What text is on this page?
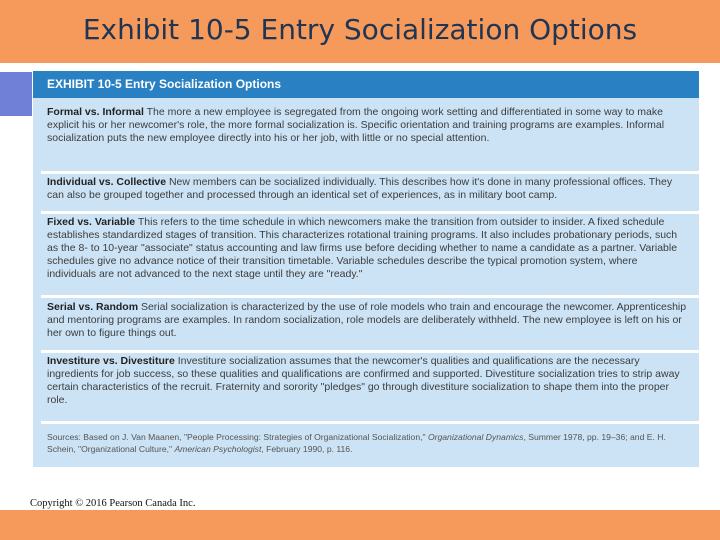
Exhibit 10-5 Entry Socialization Options
EXHIBIT 10-5 Entry Socialization Options
Formal vs. Informal The more a new employee is segregated from the ongoing work setting and differentiated in some way to make explicit his or her newcomer's role, the more formal socialization is. Specific orientation and training programs are examples. Informal socialization puts the new employee directly into his or her job, with little or no special attention.
Individual vs. Collective New members can be socialized individually. This describes how it's done in many professional offices. They can also be grouped together and processed through an identical set of experiences, as in military boot camp.
Fixed vs. Variable This refers to the time schedule in which newcomers make the transition from outsider to insider. A fixed schedule establishes standardized stages of transition. This characterizes rotational training programs. It also includes probationary periods, such as the 8- to 10-year "associate" status accounting and law firms use before deciding whether to name a candidate as a partner. Variable schedules give no advance notice of their transition timetable. Variable schedules describe the typical promotion system, where individuals are not advanced to the next stage until they are "ready."
Serial vs. Random Serial socialization is characterized by the use of role models who train and encourage the newcomer. Apprenticeship and mentoring programs are examples. In random socialization, role models are deliberately withheld. The new employee is left on his or her own to figure things out.
Investiture vs. Divestiture Investiture socialization assumes that the newcomer's qualities and qualifications are the necessary ingredients for job success, so these qualities and qualifications are confirmed and supported. Divestiture socialization tries to strip away certain characteristics of the recruit. Fraternity and sorority "pledges" go through divestiture socialization to shape them into the proper role.
Sources: Based on J. Van Maanen, "People Processing: Strategies of Organizational Socialization," Organizational Dynamics, Summer 1978, pp. 19–36; and E. H. Schein, "Organizational Culture," American Psychologist, February 1990, p. 116.
Copyright © 2016 Pearson Canada Inc.
